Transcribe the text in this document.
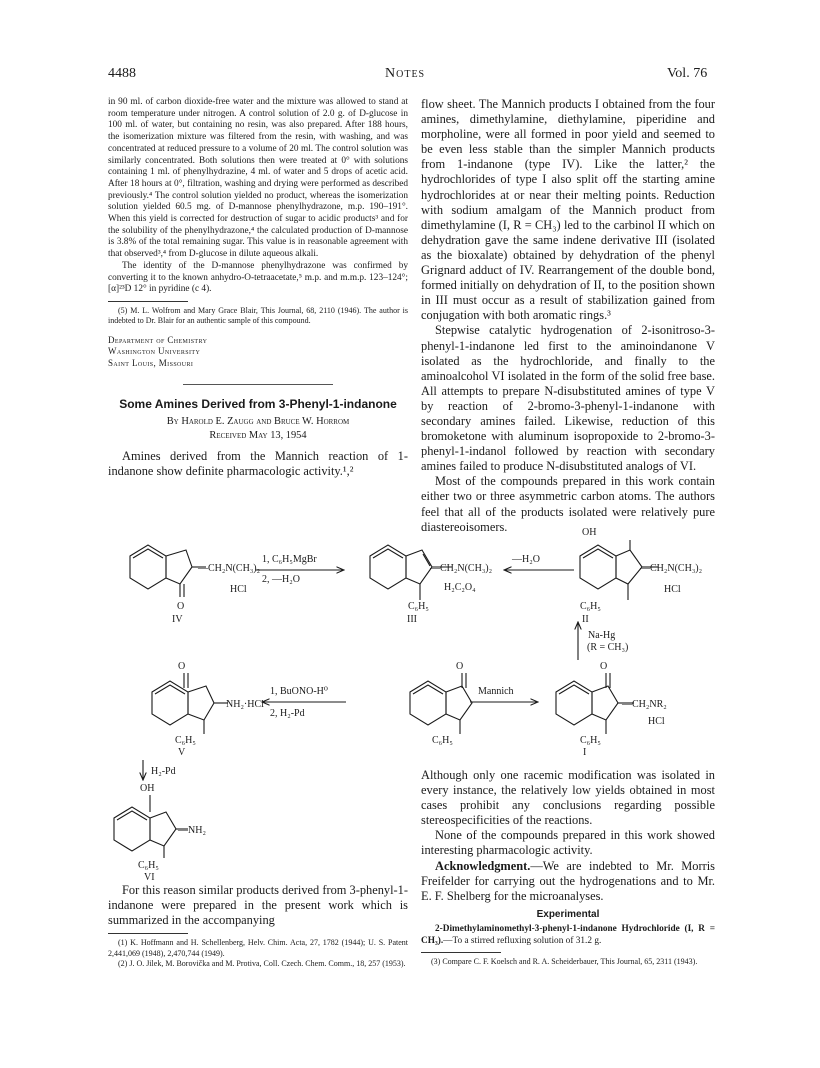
4488	Notes	Vol. 76

in 90 ml. of carbon dioxide-free water and the mixture was allowed to stand at room temperature under nitrogen. A control solution of 2.0 g. of D-glucose in 100 ml. of water, but containing no resin, was also prepared. After 188 hours, the isomerization mixture was filtered from the resin, with washing, and was concentrated at reduced pressure to a volume of 20 ml. The control solution was similarly concentrated. Both solutions then were treated at 0° with solutions containing 1 ml. of phenylhydrazine, 4 ml. of water and 5 drops of acetic acid. After 18 hours at 0°, filtration, washing and drying were performed as described previously.⁴ The control solution yielded no product, whereas the isomerization solution yielded 60.5 mg. of D-mannose phenylhydrazone, m.p. 190–191°. When this yield is corrected for destruction of sugar to acidic products³ and for the solubility of the phenylhydrazone,⁴ the calculated production of D-mannose is 3.8% of the total remaining sugar. This value is in reasonable agreement with that observed³,⁴ from D-glucose in dilute aqueous alkali.

The identity of the D-mannose phenylhydrazone was confirmed by converting it to the known anhydro-O-tetraacetate,⁵ m.p. and m.m.p. 123–124°; [α]²³D 12° in pyridine (c 4).

(5) M. L. Wolfrom and Mary Grace Blair, This Journal, 68, 2110 (1946). The author is indebted to Dr. Blair for an authentic sample of this compound.

Department of Chemistry

Washington University

Saint Louis, Missouri

Some Amines Derived from 3-Phenyl-1-indanone

By Harold E. Zaugg and Bruce W. Horrom

Received May 13, 1954

Amines derived from the Mannich reaction of 1-indanone show definite pharmacologic activity.¹,²

flow sheet. The Mannich products I obtained from the four amines, dimethylamine, diethylamine, piperidine and morpholine, were all formed in poor yield and seemed to be even less stable than the simpler Mannich products from 1-indanone (type IV). Like the latter,² the hydrochlorides of type I also split off the starting amine hydrochlorides at or near their melting points. Reduction with sodium amalgam of the Mannich product from dimethylamine (I, R = CH₃) led to the carbinol II which on dehydration gave the same indene derivative III (isolated as the bioxalate) obtained by dehydration of the phenyl Grignard adduct of IV. Rearrangement of the double bond, formed initially on dehydration of II, to the position shown in III must occur as a result of stabilization gained from conjugation with both aromatic rings.³

Stepwise catalytic hydrogenation of 2-isonitroso-3-phenyl-1-indanone led first to the aminoindanone V isolated as the hydrochloride, and finally to the aminoalcohol VI isolated in the form of the solid free base. All attempts to prepare N-disubstituted amines of type V by reaction of 2-bromo-3-phenyl-1-indanone with secondary amines failed. Likewise, reduction of this bromoketone with aluminum isopropoxide to 2-bromo-3-phenyl-1-indanol followed by reaction with secondary amines failed to produce N-disubstituted analogs of VI.

Most of the compounds prepared in this work contain either two or three asymmetric carbon atoms. The authors feel that all of the products isolated were relatively pure diastereoisomers.

—CH₂N(CH₃)₂
HCl
O
IV
1, C₆H₅MgBr
2, —H₂O
—CH₂N(CH₃)₂
H₂C₂O₄
C₆H₅
III
—H₂O
OH
—CH₂N(CH₃)₂
HCl
C₆H₅
II
Na-Hg
(R = CH₃)
O
NH₂·HCl
C₆H₅
V
1, BuONO-H⁰
2, H₂-Pd
O
C₆H₅
Mannich
O
—CH₂NR₂
HCl
C₆H₅
I
H₂-Pd
OH
—NH₂
C₆H₅
VI

For this reason similar products derived from 3-phenyl-1-indanone were prepared in the present work which is summarized in the accompanying

(1) K. Hoffmann and H. Schellenberg, Helv. Chim. Acta, 27, 1782 (1944); U. S. Patent 2,441,069 (1948), 2,470,744 (1949).

(2) J. O. Jilek, M. Borovička and M. Protiva, Coll. Czech. Chem. Comm., 18, 257 (1953).

Although only one racemic modification was isolated in every instance, the relatively low yields obtained in most cases prohibit any conclusions regarding possible stereospecificities of the reactions.

None of the compounds prepared in this work showed interesting pharmacologic activity.

Acknowledgment.—We are indebted to Mr. Morris Freifelder for carrying out the hydrogenations and to Mr. E. F. Shelberg for the microanalyses.

Experimental

2-Dimethylaminomethyl-3-phenyl-1-indanone Hydrochloride (I, R = CH₃).—To a stirred refluxing solution of 31.2 g.

(3) Compare C. F. Koelsch and R. A. Scheiderbauer, This Journal, 65, 2311 (1943).
